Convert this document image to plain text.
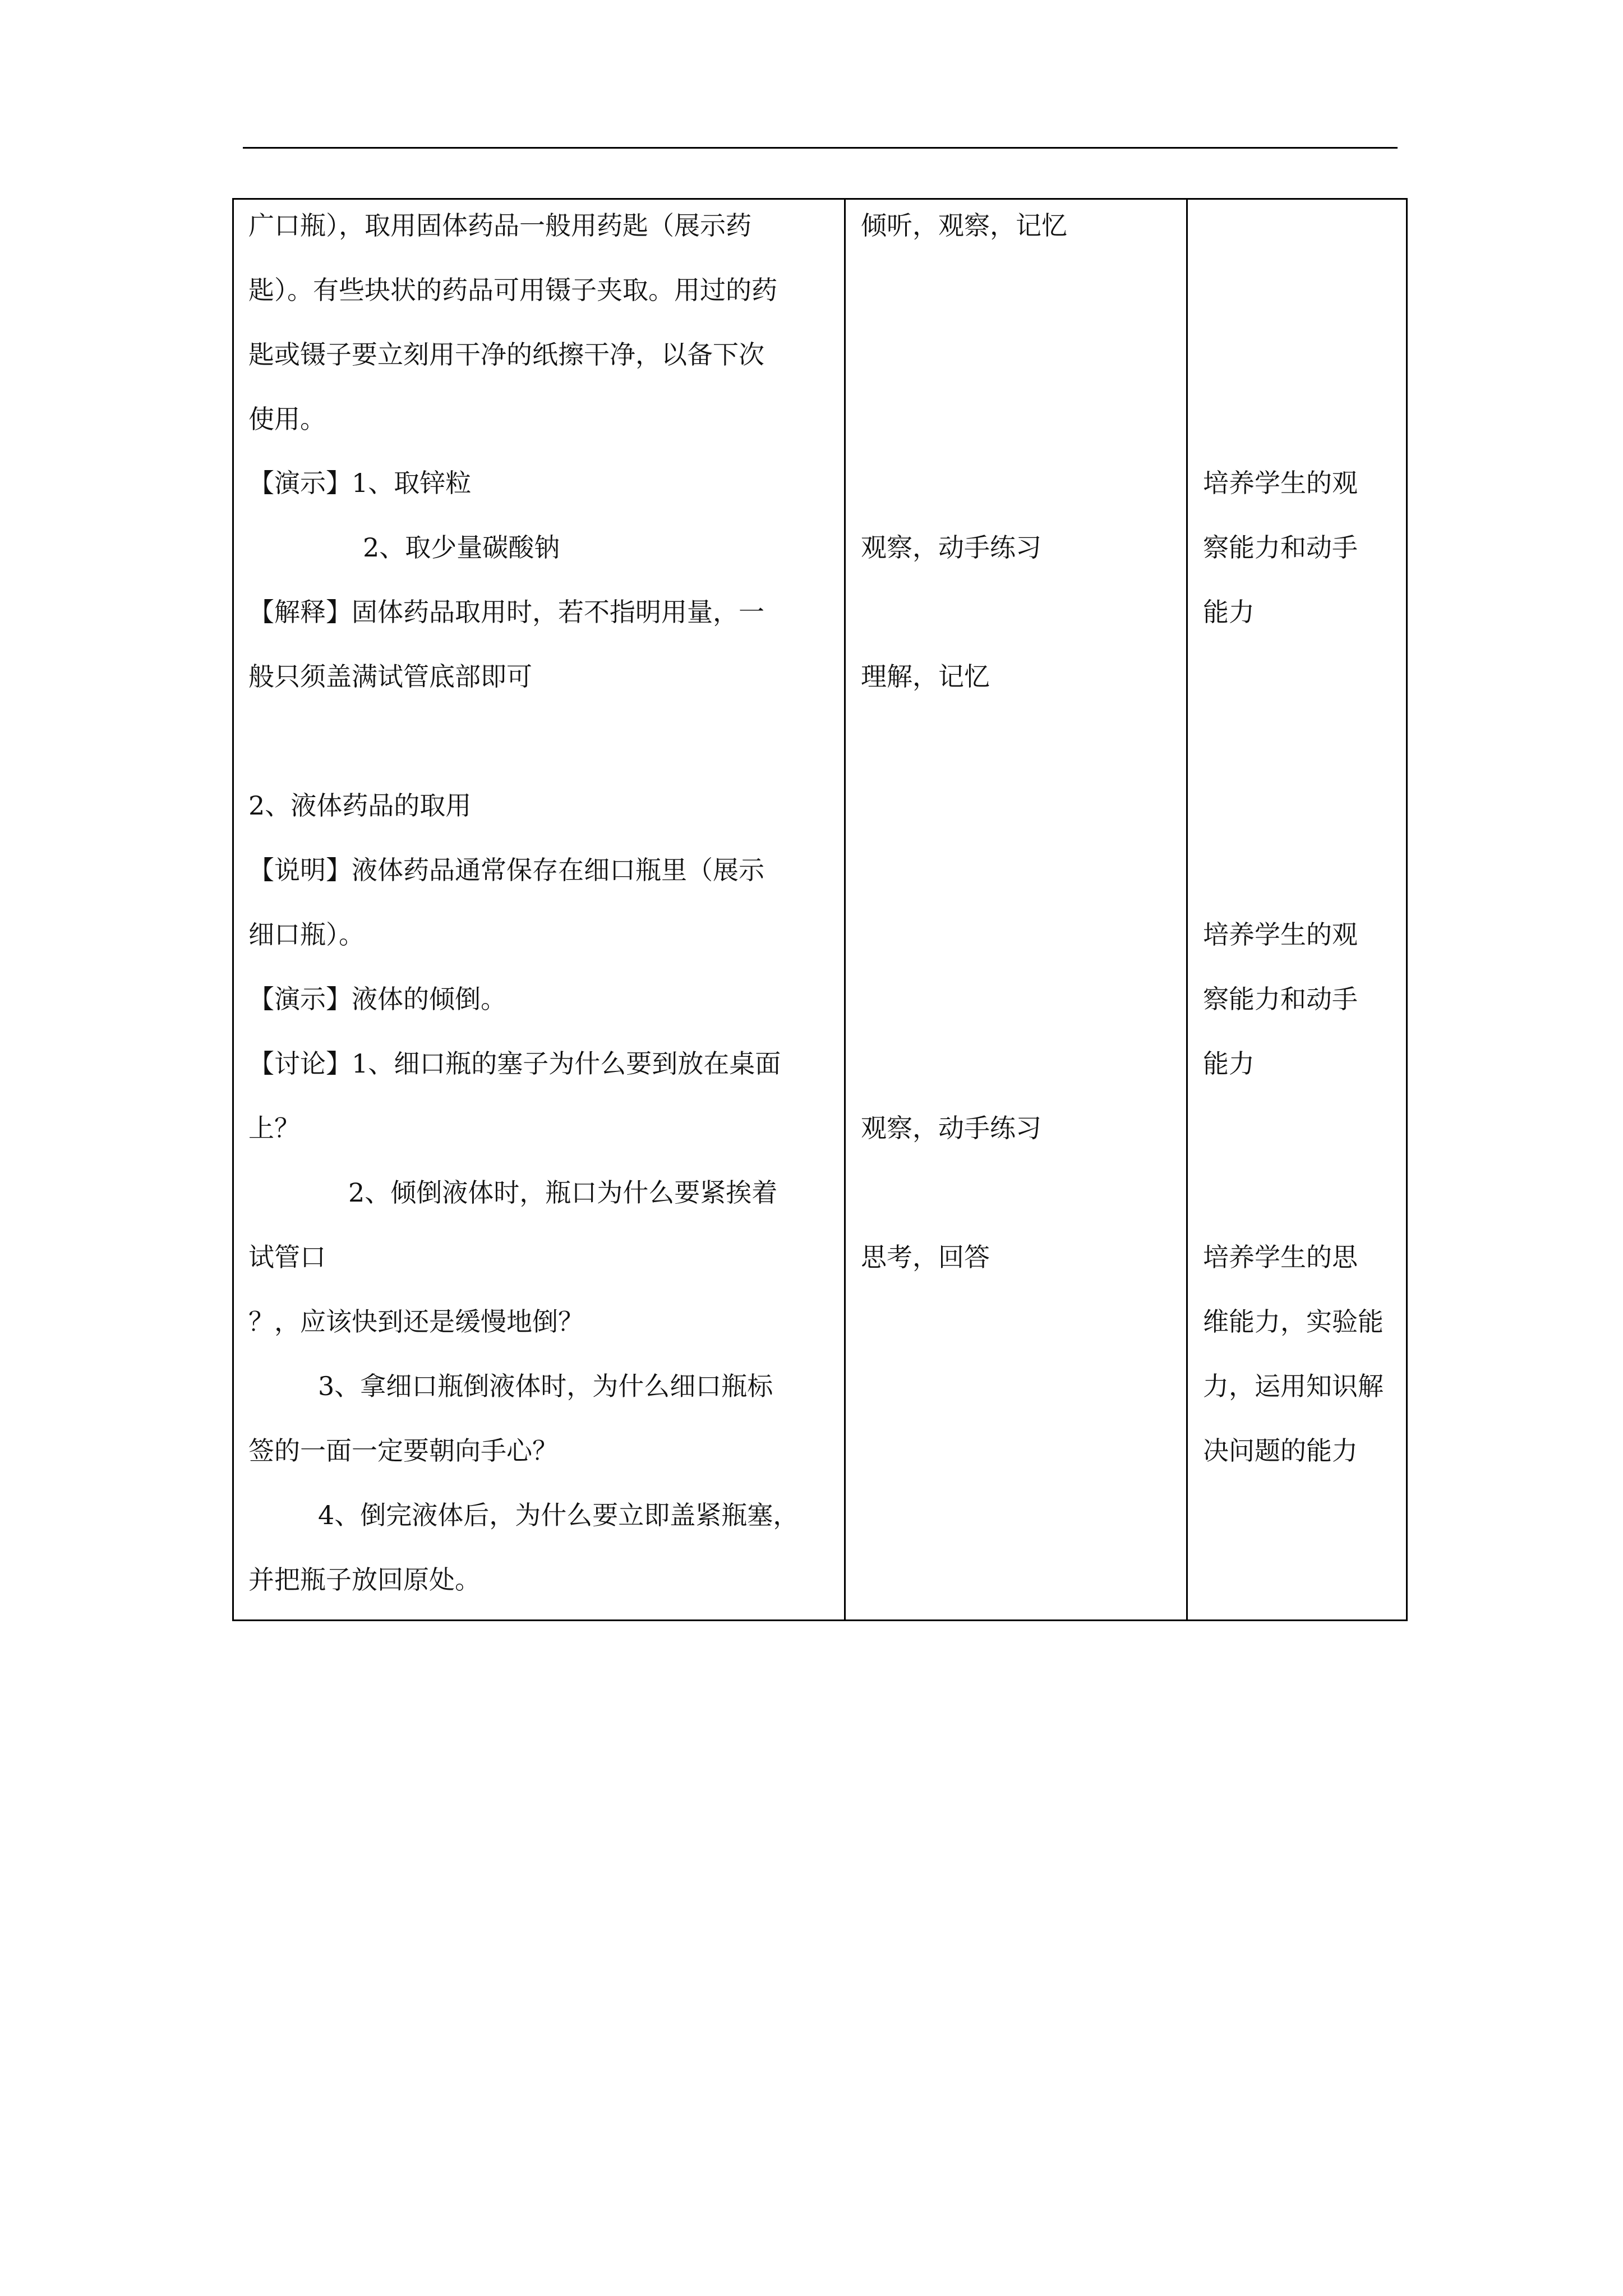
广口瓶），取用固体药品一般用药匙（展示药
匙）。有些块状的药品可用镊子夹取。用过的药
匙或镊子要立刻用干净的纸擦干净，以备下次
使用。
【演示】1、取锌粒
2、取少量碳酸钠
【解释】固体药品取用时，若不指明用量，一
般只须盖满试管底部即可
2、液体药品的取用
【说明】液体药品通常保存在细口瓶里（展示
细口瓶）。
【演示】液体的倾倒。
【讨论】1、细口瓶的塞子为什么要到放在桌面
上？
2、倾倒液体时，瓶口为什么要紧挨着
试管口
？，应该快到还是缓慢地倒？
3、拿细口瓶倒液体时，为什么细口瓶标
签的一面一定要朝向手心？
4、倒完液体后，为什么要立即盖紧瓶塞，
并把瓶子放回原处。
倾听，观察，记忆
观察，动手练习
理解，记忆
观察，动手练习
思考，回答
培养学生的观
察能力和动手
能力
培养学生的观
察能力和动手
能力
培养学生的思
维能力，实验能
力，运用知识解
决问题的能力
